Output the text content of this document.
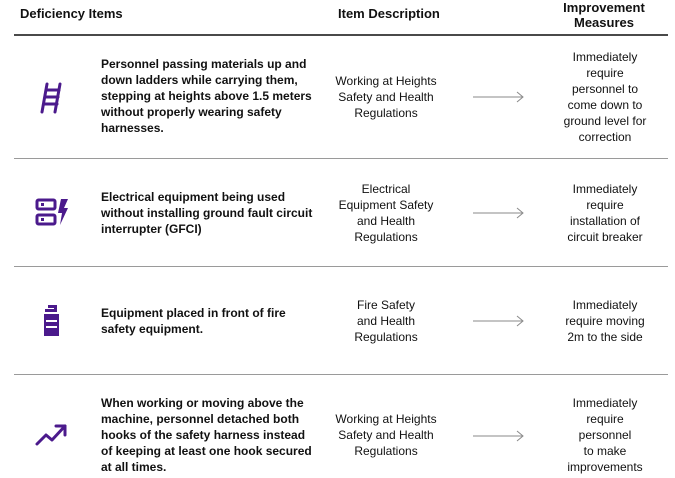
Deficiency Items	Item Description	Improvement
Measures
Personnel passing materials up and down ladders while carrying them, stepping at heights above 1.5 meters without properly wearing safety harnesses.
Working at Heights
Safety and Health
Regulations
Immediately
require
personnel to
come down to
ground level for
correction
Electrical equipment being used without installing ground fault circuit interrupter (GFCI)
Electrical
Equipment Safety
and Health
Regulations
Immediately
require
installation of
circuit breaker
Equipment placed in front of fire safety equipment.
Fire Safety
and Health
Regulations
Immediately
require moving
2m to the side
When working or moving above the machine, personnel detached both hooks of the safety harness instead of keeping at least one hook secured at all times.
Working at Heights
Safety and Health
Regulations
Immediately
require
personnel
to make
improvements
